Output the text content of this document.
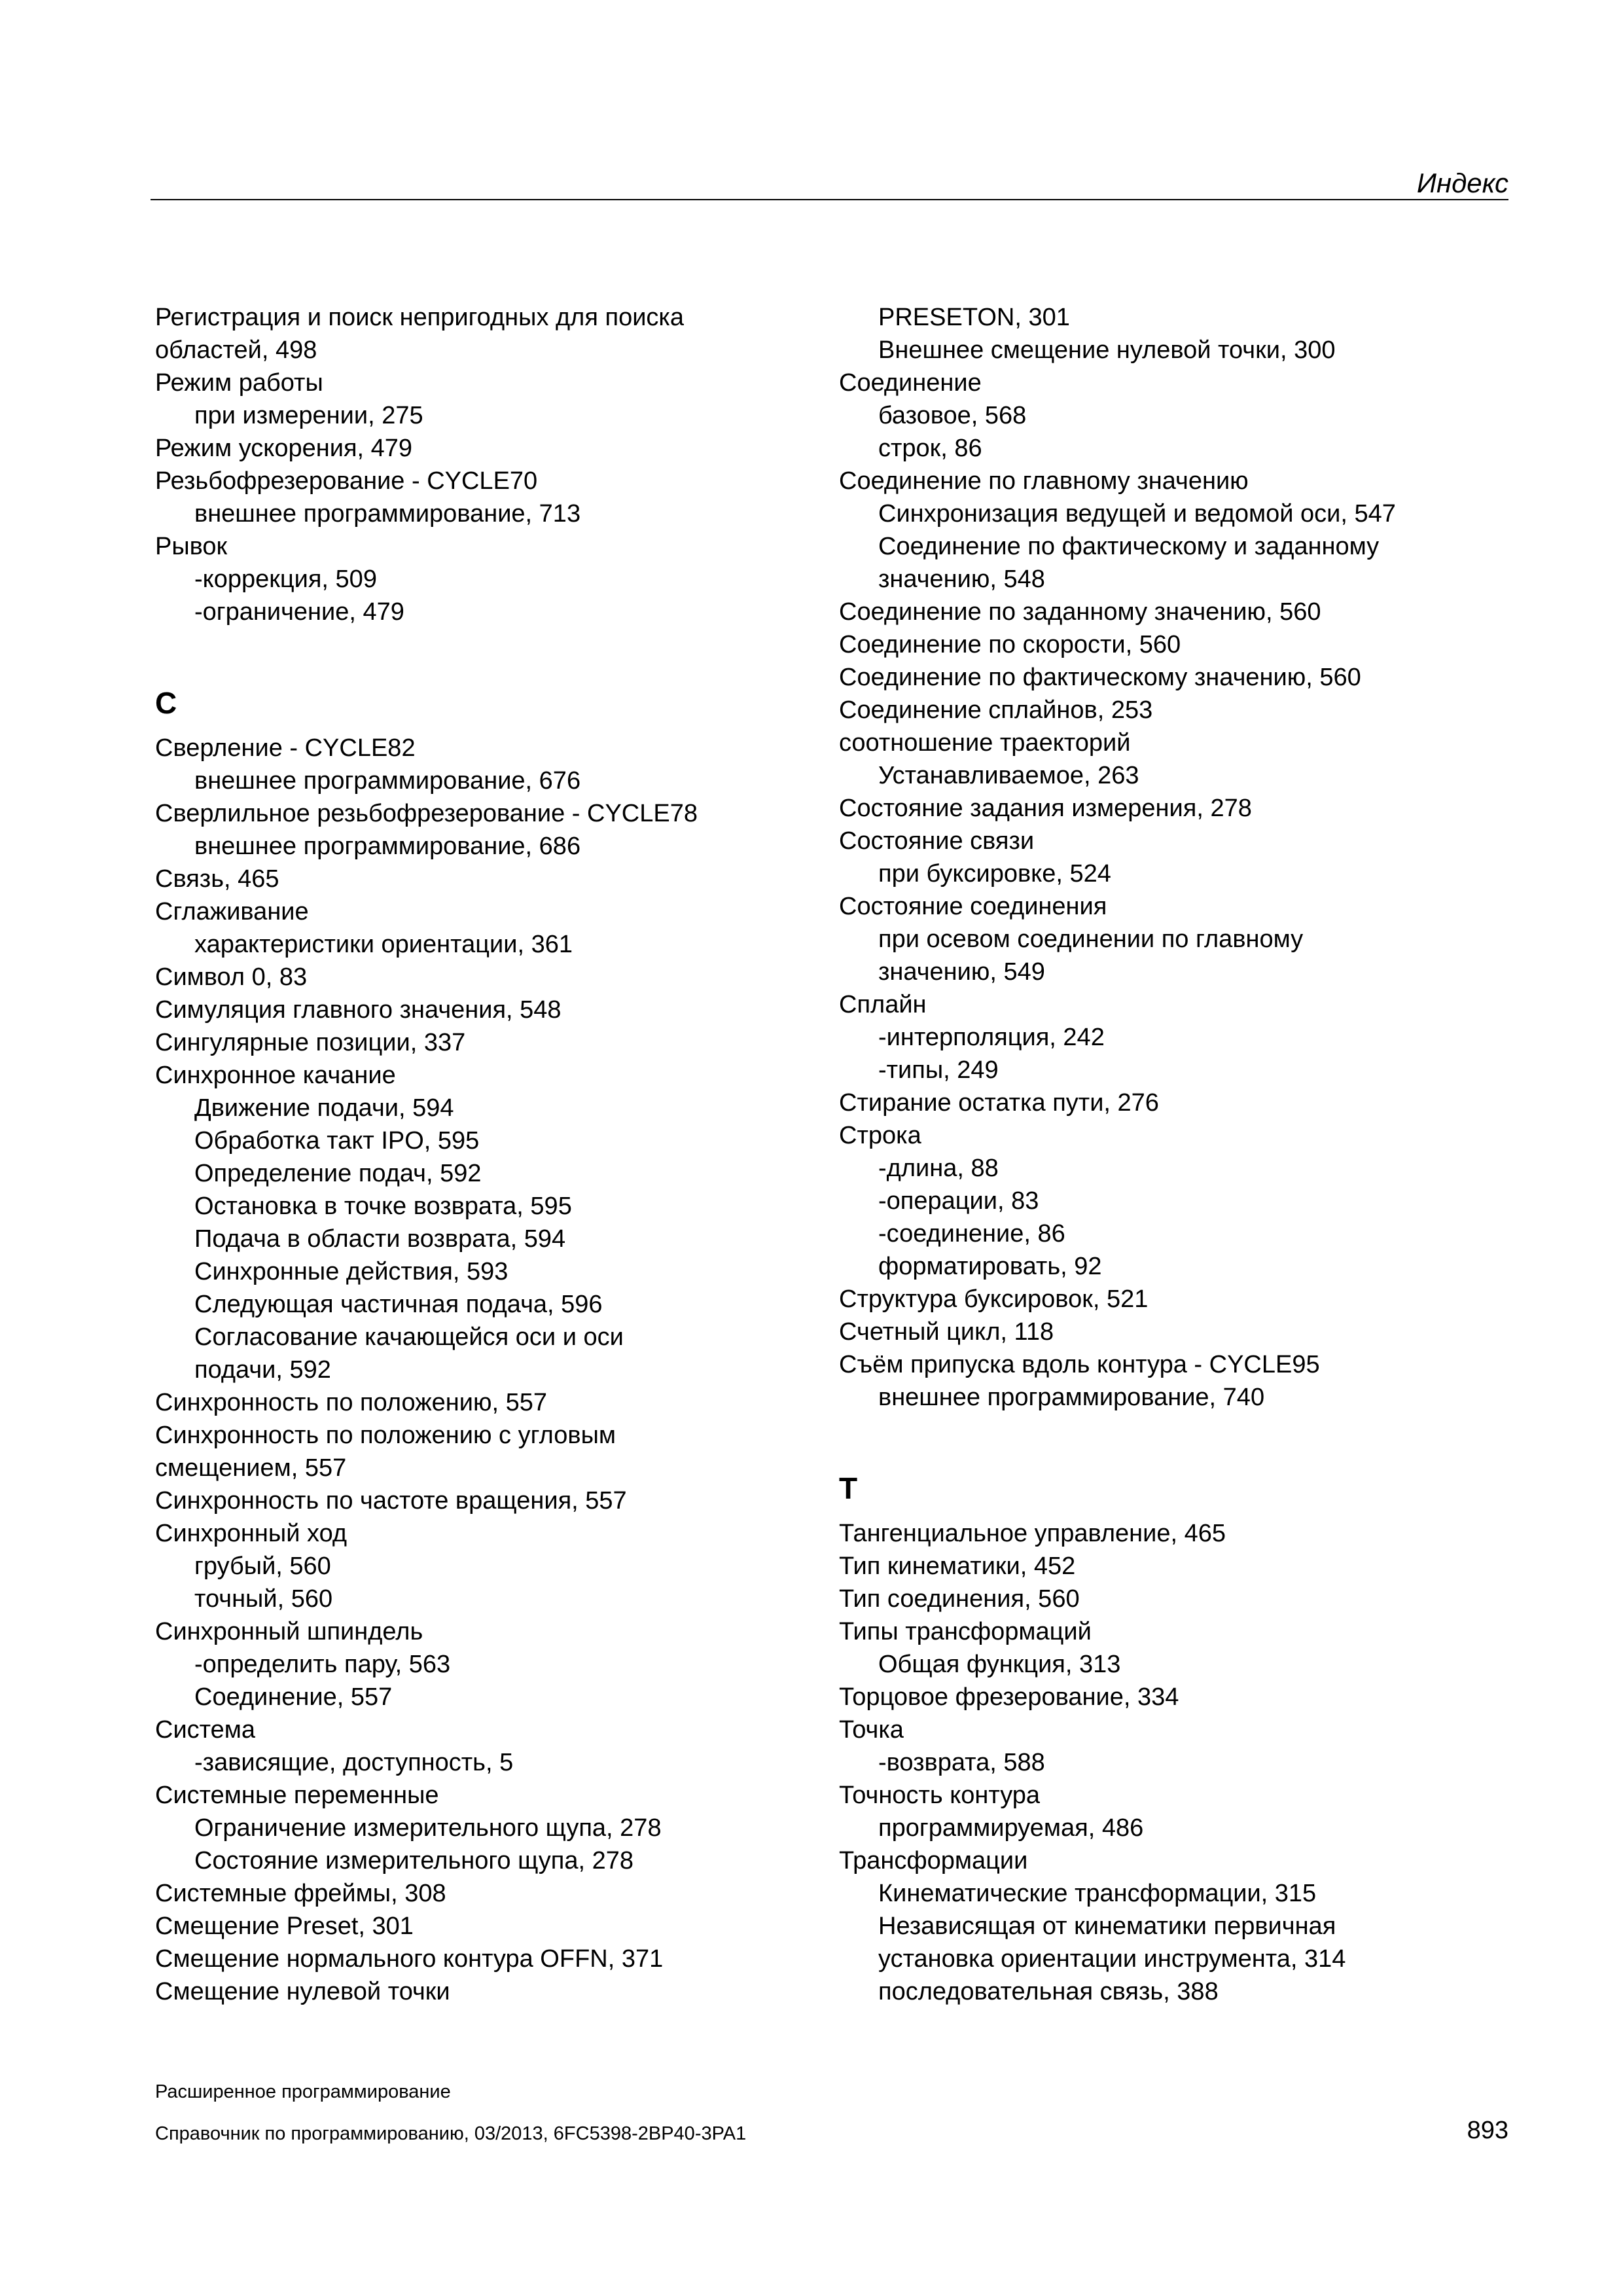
Индекс
Регистрация и поиск непригодных для поиска
областей, 498
Режим работы
при измерении, 275
Режим ускорения, 479
Резьбофрезерование - CYCLE70
внешнее программирование, 713
Рывок
-коррекция, 509
-ограничение, 479
С
Сверление - CYCLE82
внешнее программирование, 676
Сверлильное резьбофрезерование - CYCLE78
внешнее программирование, 686
Связь, 465
Сглаживание
характеристики ориентации, 361
Символ 0, 83
Симуляция главного значения, 548
Сингулярные позиции, 337
Синхронное качание
Движение подачи, 594
Обработка такт IPO, 595
Определение подач, 592
Остановка в точке возврата, 595
Подача в области возврата, 594
Синхронные действия, 593
Следующая частичная подача, 596
Согласование качающейся оси и оси
подачи, 592
Синхронность по положению, 557
Синхронность по положению с угловым
смещением, 557
Синхронность по частоте вращения, 557
Синхронный ход
грубый, 560
точный, 560
Синхронный шпиндель
-определить пару, 563
Соединение, 557
Система
-зависящие, доступность, 5
Системные переменные
Ограничение измерительного щупа, 278
Состояние измерительного щупа, 278
Системные фреймы, 308
Смещение Preset, 301
Смещение нормального контура OFFN, 371
Смещение нулевой точки
PRESETON, 301
Внешнее смещение нулевой точки, 300
Соединение
базовое, 568
строк, 86
Соединение по главному значению
Синхронизация ведущей и ведомой оси, 547
Соединение по фактическому и заданному
значению, 548
Соединение по заданному значению, 560
Соединение по скорости, 560
Соединение по фактическому значению, 560
Соединение сплайнов, 253
соотношение траекторий
Устанавливаемое, 263
Состояние задания измерения, 278
Состояние связи
при буксировке, 524
Состояние соединения
при осевом соединении по главному
значению, 549
Сплайн
-интерполяция, 242
-типы, 249
Стирание остатка пути, 276
Строка
-длина, 88
-операции, 83
-соединение, 86
форматировать, 92
Структура буксировок, 521
Счетный цикл, 118
Съём припуска вдоль контура - CYCLE95
внешнее программирование, 740
Т
Тангенциальное управление, 465
Тип кинематики, 452
Тип соединения, 560
Типы трансформаций
Общая функция, 313
Торцовое фрезерование, 334
Точка
-возврата, 588
Точность контура
программируемая, 486
Трансформации
Кинематические трансформации, 315
Независящая от кинематики первичная
установка ориентации инструмента, 314
последовательная связь, 388
Расширенное программирование
Справочник по программированию, 03/2013, 6FC5398-2BP40-3PA1	893
